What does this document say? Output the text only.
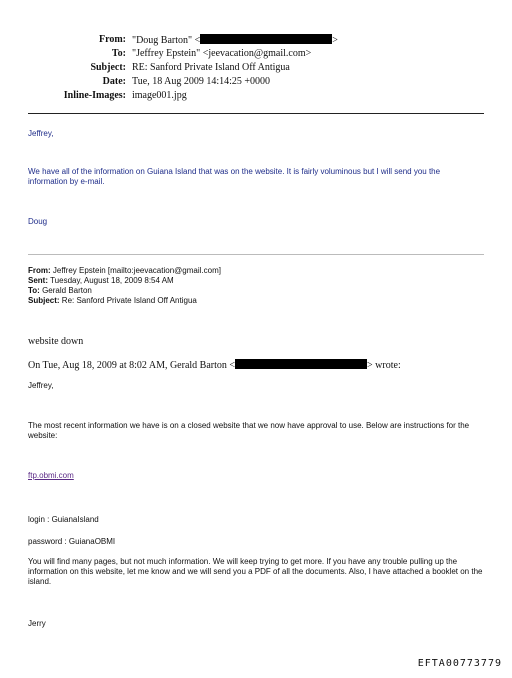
From: "Doug Barton" <	>
To: "Jeffrey Epstein" <jeevacation@gmail.com>
Subject: RE: Sanford Private Island Off Antigua
Date: Tue, 18 Aug 2009 14:14:25 +0000
Inline-Images: image001.jpg
Jeffrey,
We have all of the information on Guiana Island that was on the website. It is fairly voluminous but I will send you the information by e-mail.
Doug
From: Jeffrey Epstein [mailto:jeevacation@gmail.com]
Sent: Tuesday, August 18, 2009 8:54 AM
To: Gerald Barton
Subject: Re: Sanford Private Island Off Antigua
website down
On Tue, Aug 18, 2009 at 8:02 AM, Gerald Barton <	> wrote:
Jeffrey,
The most recent information we have is on a closed website that we now have approval to use. Below are instructions for the website:
ftp.obmi.com
login : GuianaIsland
password : GuianaOBMI
You will find many pages, but not much information. We will keep trying to get more. If you have any trouble pulling up the information on this website, let me know and we will send you a PDF of all the documents. Also, I have attached a booklet on the island.
Jerry
EFTA00773779
